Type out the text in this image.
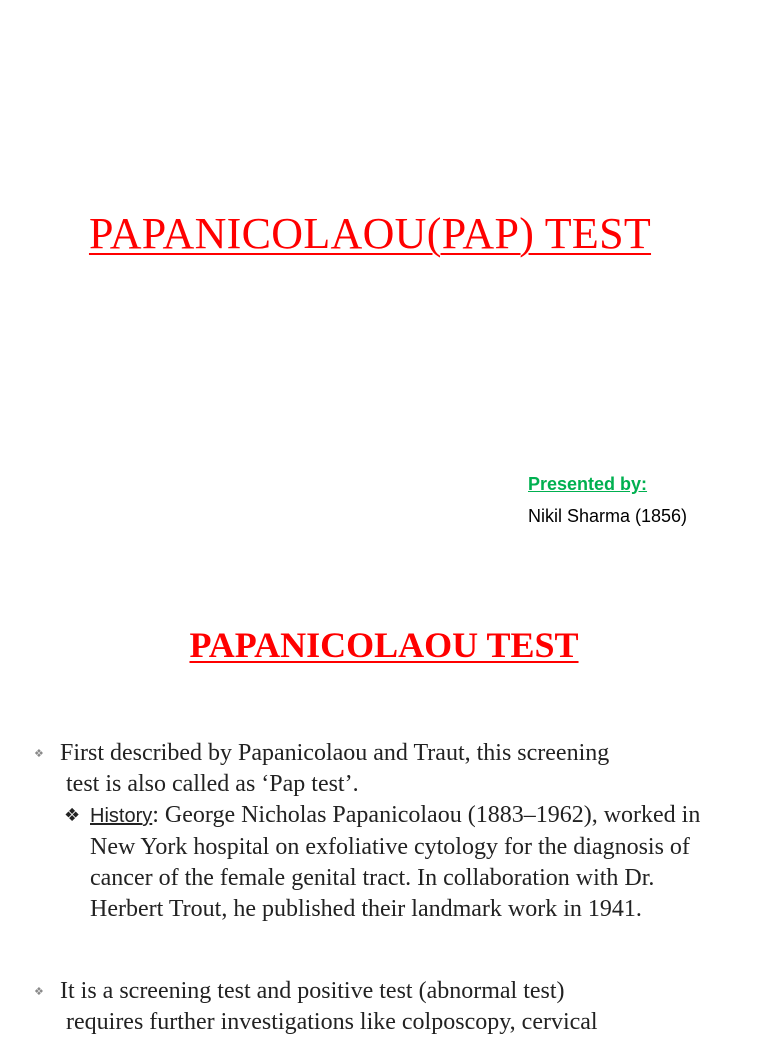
PAPANICOLAOU(PAP) TEST
Presented by:
Nikil Sharma (1856)
PAPANICOLAOU TEST
❖ First described by Papanicolaou and Traut, this screening
test is also called as ‘Pap test’.
❖ History: George Nicholas Papanicolaou (1883–1962), worked in New York hospital on exfoliative cytology for the diagnosis of cancer of the female genital tract. In collaboration with Dr. Herbert Trout, he published their landmark work in 1941.
❖ It is a screening test and positive test (abnormal test)
requires further investigations like colposcopy, cervical
